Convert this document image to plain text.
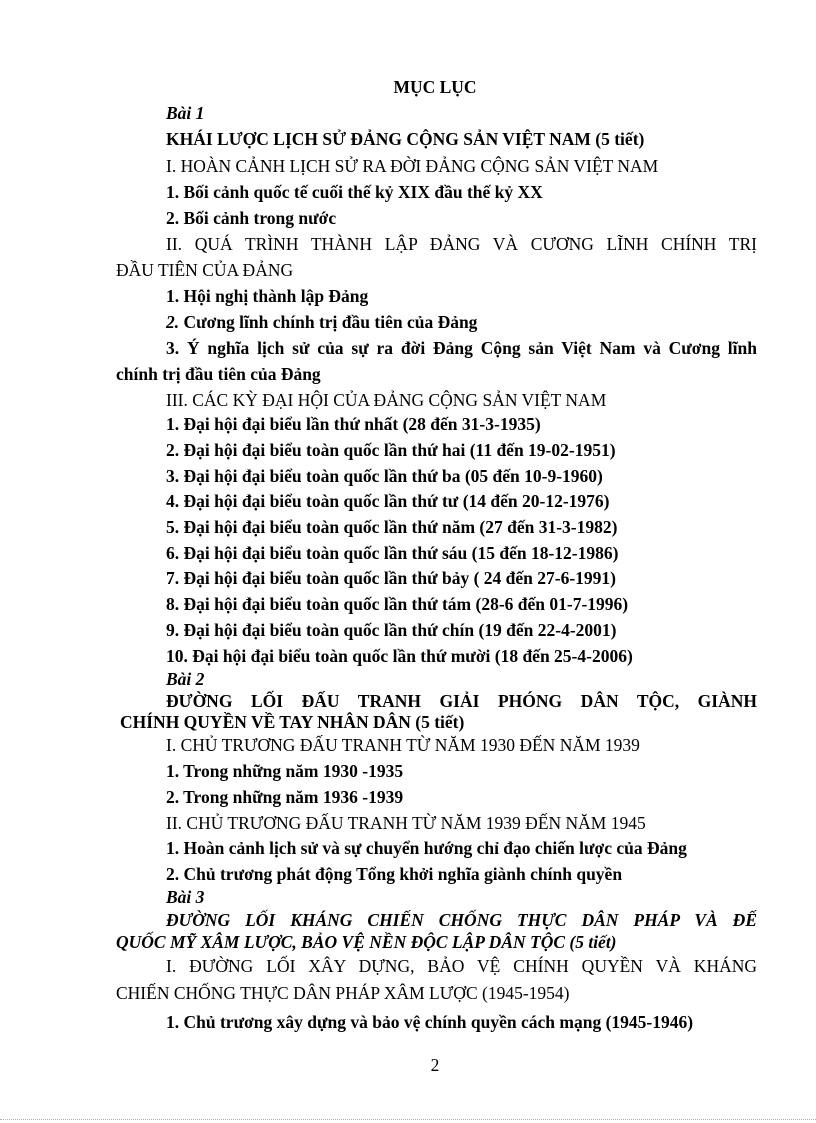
MỤC LỤC

Bài 1

KHÁI LƯỢC LỊCH SỬ ĐẢNG CỘNG SẢN VIỆT NAM (5 tiết)

I. HOÀN CẢNH LỊCH SỬ RA ĐỜI ĐẢNG CỘNG SẢN VIỆT NAM

1. Bối cảnh quốc tế cuối thế kỷ XIX đầu thế kỷ XX

2. Bối cảnh trong nước

II. QUÁ TRÌNH THÀNH LẬP ĐẢNG VÀ CƯƠNG LĨNH CHÍNH TRỊ

ĐẦU TIÊN CỦA ĐẢNG

1. Hội nghị thành lập Đảng

2. Cương lĩnh chính trị đầu tiên của Đảng

3. Ý nghĩa lịch sử của sự ra đời Đảng Cộng sản Việt Nam và Cương lĩnh

chính trị đầu tiên của Đảng

III. CÁC KỲ ĐẠI HỘI CỦA ĐẢNG CỘNG SẢN VIỆT NAM

1. Đại hội đại biểu lần thứ nhất (28 đến 31-3-1935)

2. Đại hội đại biểu toàn quốc lần thứ hai (11 đến 19-02-1951)

3. Đại hội đại biểu toàn quốc lần thứ ba (05 đến 10-9-1960)

4. Đại hội đại biểu toàn quốc lần thứ tư (14 đến 20-12-1976)

5. Đại hội đại biểu toàn quốc lần thứ năm (27 đến 31-3-1982)

6. Đại hội đại biểu toàn quốc lần thứ sáu (15 đến 18-12-1986)

7. Đại hội đại biểu toàn quốc lần thứ bảy ( 24 đến 27-6-1991)

8. Đại hội đại biểu toàn quốc lần thứ tám (28-6 đến 01-7-1996)

9. Đại hội đại biểu toàn quốc lần thứ chín (19 đến 22-4-2001)

10. Đại hội đại biểu toàn quốc lần thứ mười (18 đến 25-4-2006)

Bài 2

ĐƯỜNG LỐI ĐẤU TRANH GIẢI PHÓNG DÂN TỘC, GIÀNH

CHÍNH QUYỀN VỀ TAY NHÂN DÂN (5 tiết)

I. CHỦ TRƯƠNG ĐẤU TRANH TỪ NĂM 1930 ĐẾN NĂM 1939

1. Trong những năm 1930 -1935

2. Trong những năm 1936 -1939

II. CHỦ TRƯƠNG ĐẤU TRANH TỪ NĂM 1939 ĐẾN NĂM 1945

1. Hoàn cảnh lịch sử và sự chuyển hướng chỉ đạo chiến lược của Đảng

2. Chủ trương phát động Tổng khởi nghĩa giành chính quyền

Bài 3

ĐƯỜNG LỐI KHÁNG CHIẾN CHỐNG THỰC DÂN PHÁP VÀ ĐẾ

QUỐC MỸ XÂM LƯỢC, BẢO VỆ NỀN ĐỘC LẬP DÂN TỘC (5 tiết)

I. ĐƯỜNG LỐI XÂY DỰNG, BẢO VỆ CHÍNH QUYỀN VÀ KHÁNG

CHIẾN CHỐNG THỰC DÂN PHÁP XÂM LƯỢC (1945-1954)

1. Chủ trương xây dựng và bảo vệ chính quyền cách mạng (1945-1946)

2
